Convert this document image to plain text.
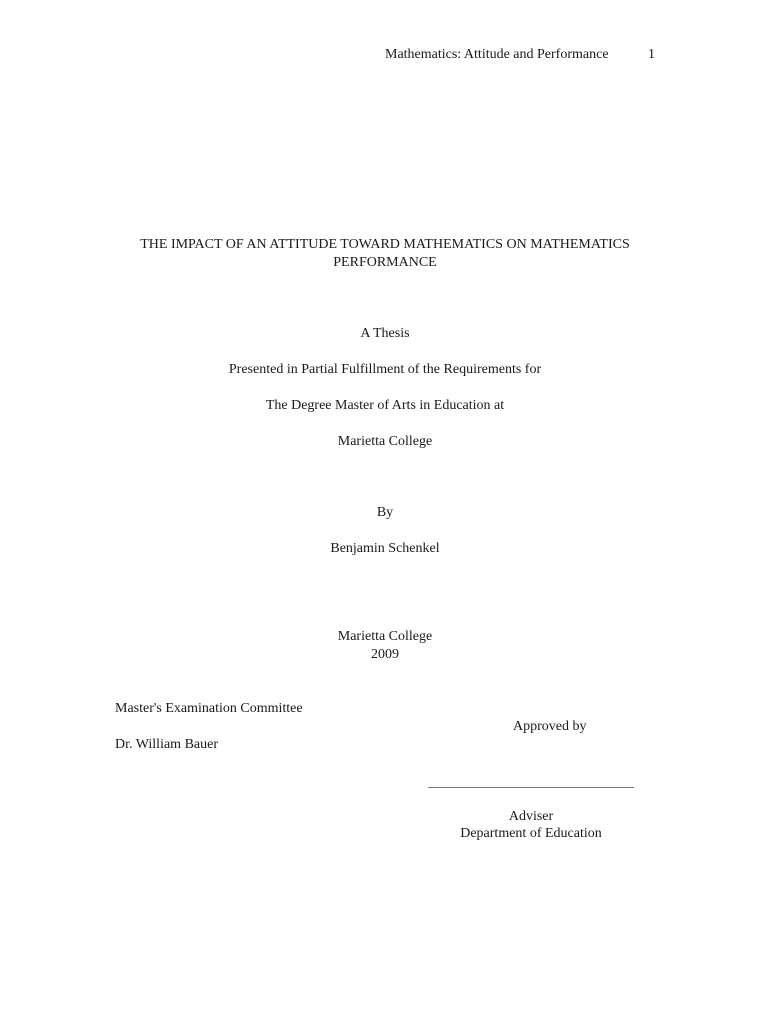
Mathematics: Attitude and Performance	1
THE IMPACT OF AN ATTITUDE TOWARD MATHEMATICS ON MATHEMATICS
PERFORMANCE
A Thesis
Presented in Partial Fulfillment of the Requirements for
The Degree Master of Arts in Education at
Marietta College
By
Benjamin Schenkel
Marietta College
2009
Master's Examination Committee
Dr. William Bauer
Approved by
Adviser
Department of Education
